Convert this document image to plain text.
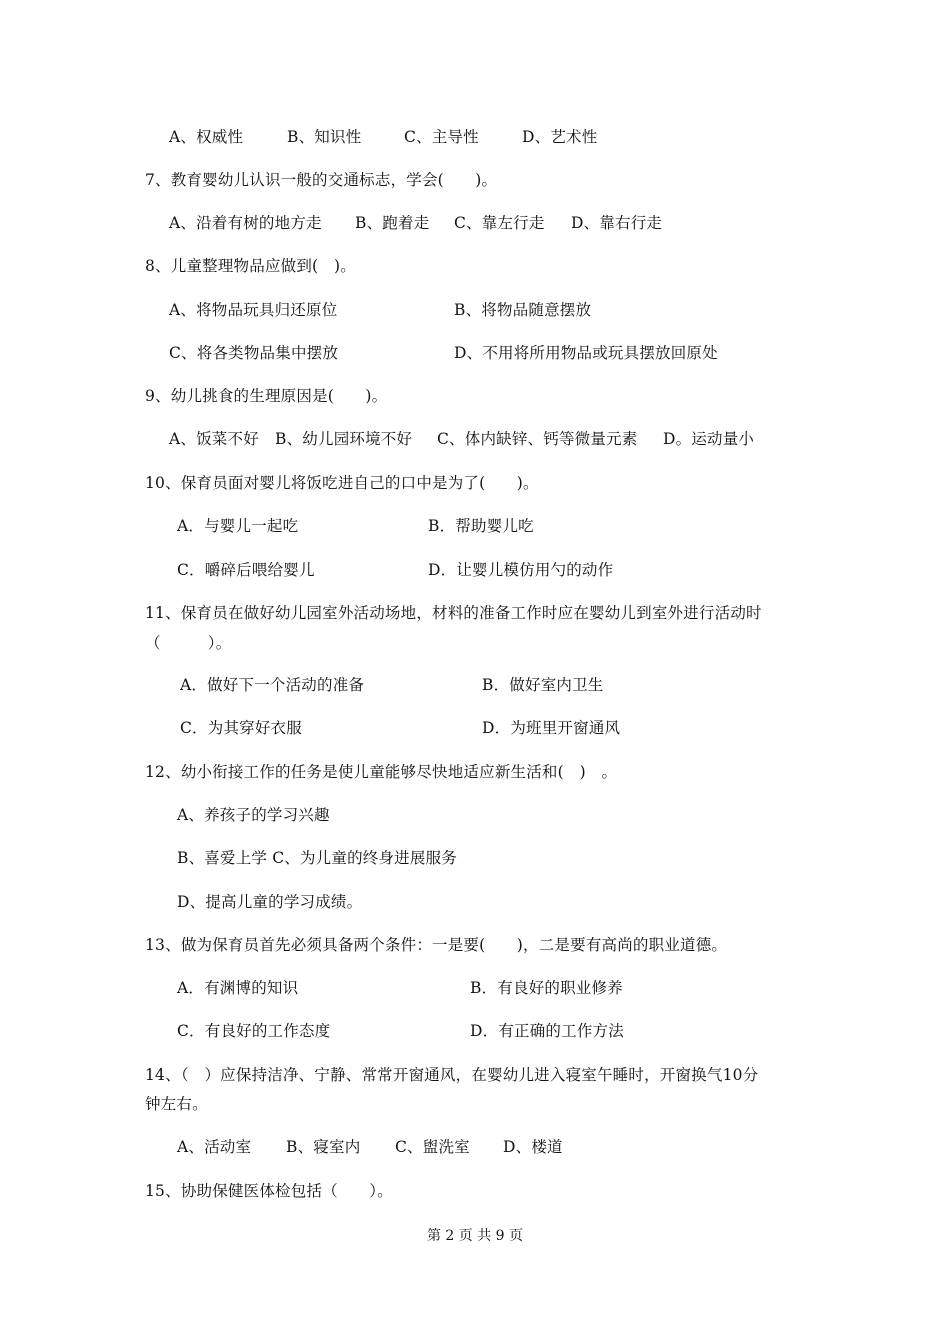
A、权威性	B、知识性	C、主导性	D、艺术性
7、教育婴幼儿认识一般的交通标志，学会(　　)。
A、沿着有树的地方走 B、跑着走 C、靠左行走 D、靠右行走
8、儿童整理物品应做到(　)。
A、将物品玩具归还原位	B、将物品随意摆放
C、将各类物品集中摆放	D、不用将所用物品或玩具摆放回原处
9、幼儿挑食的生理原因是(　　)。
A、饭菜不好 B、幼儿园环境不好 C、体内缺锌、钙等微量元素 D。运动量小
10、保育员面对婴儿将饭吃进自己的口中是为了(　　)。
A．与婴儿一起吃	B．帮助婴儿吃
C．嚼碎后喂给婴儿	D．让婴儿模仿用勺的动作
11、保育员在做好幼儿园室外活动场地，材料的准备工作时应在婴幼儿到室外进行活动时
（　　　）。
A．做好下一个活动的准备	B．做好室内卫生
C．为其穿好衣服	D．为班里开窗通风
12、幼小衔接工作的任务是使儿童能够尽快地适应新生活和(　)　。
A、养孩子的学习兴趣
B、喜爱上学 C、为儿童的终身进展服务
D、提高儿童的学习成绩。
13、做为保育员首先必须具备两个条件：一是要(　　)，二是要有高尚的职业道德。
A．有渊博的知识	B．有良好的职业修养
C．有良好的工作态度	D．有正确的工作方法
14、（　）应保持洁净、宁静、常常开窗通风，在婴幼儿进入寝室午睡时，开窗换气10分
钟左右。
A、活动室 B、寝室内 C、盥洗室 D、楼道
15、协助保健医体检包括（　　）。
第 2 页 共 9 页
